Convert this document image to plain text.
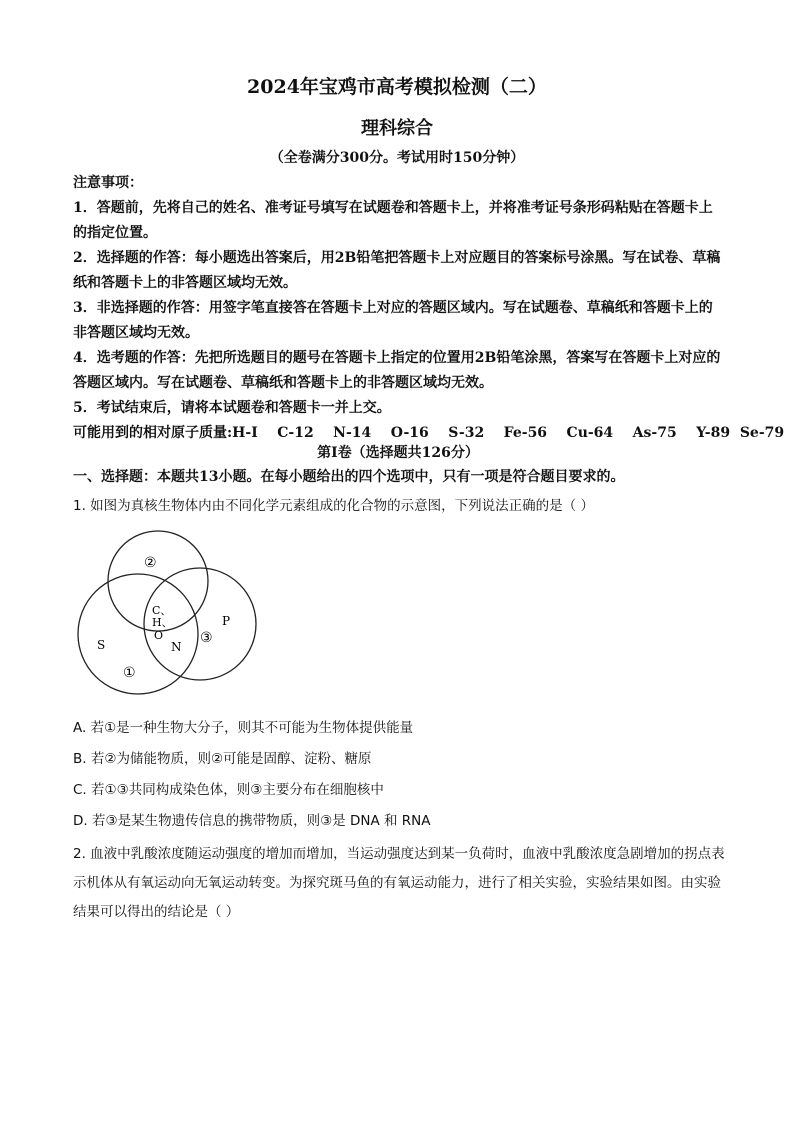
2024年宝鸡市高考模拟检测（二）
理科综合
（全卷满分300分。考试用时150分钟）

注意事项：

1．答题前，先将自己的姓名、准考证号填写在试题卷和答题卡上，并将准考证号条形码粘贴在答题卡上的指定位置。

2．选择题的作答：每小题选出答案后，用2B铅笔把答题卡上对应题目的答案标号涂黑。写在试卷、草稿纸和答题卡上的非答题区域均无效。

3．非选择题的作答：用签字笔直接答在答题卡上对应的答题区域内。写在试题卷、草稿纸和答题卡上的非答题区域均无效。

4．选考题的作答：先把所选题目的题号在答题卡上指定的位置用2B铅笔涂黑，答案写在答题卡上对应的答题区域内。写在试题卷、草稿纸和答题卡上的非答题区域均无效。

5．考试结束后，请将本试题卷和答题卡一并上交。

可能用到的相对原子质量:H-I    C-12    N-14    O-16    S-32    Fe-56    Cu-64    As-75    Y-89  Se-79

第Ⅰ卷（选择题共126分）
一、选择题：本题共13小题。在每小题给出的四个选项中，只有一项是符合题目要求的。
1. 如图为真核生物体内由不同化学元素组成的化合物的示意图，下列说法正确的是（ ）
②
C、
H、
O	③
P
S	N
①
A. 若①是一种生物大分子，则其不可能为生物体提供能量
B. 若②为储能物质，则②可能是固醇、淀粉、糖原
C. 若①③共同构成染色体，则③主要分布在细胞核中
D. 若③是某生物遗传信息的携带物质，则③是 DNA 和 RNA
2. 血液中乳酸浓度随运动强度的增加而增加，当运动强度达到某一负荷时，血液中乳酸浓度急剧增加的拐点表示机体从有氧运动向无氧运动转变。为探究斑马鱼的有氧运动能力，进行了相关实验，实验结果如图。由实验结果可以得出的结论是（ ）
